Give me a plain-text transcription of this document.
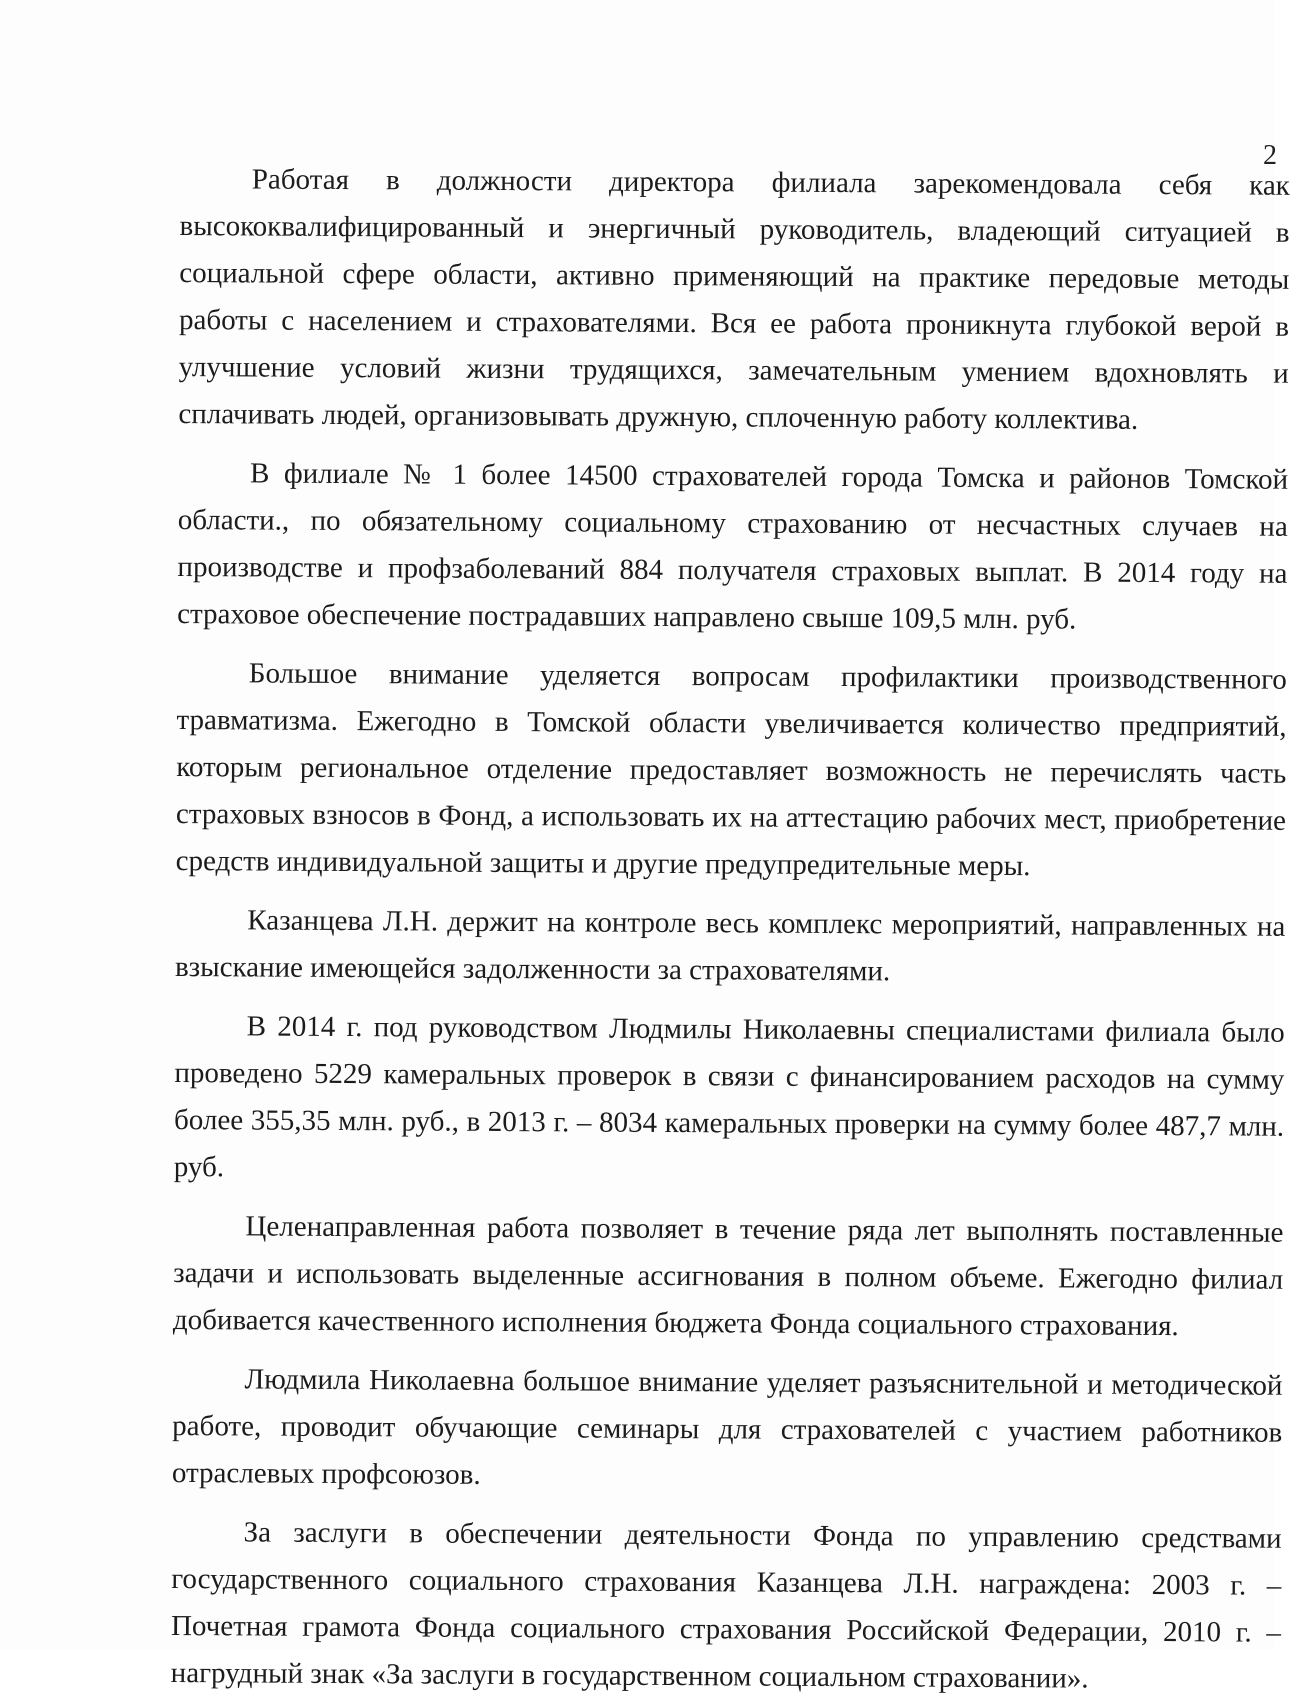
2

Работая в должности директора филиала зарекомендовала себя как высококвалифицированный и энергичный руководитель, владеющий ситуацией в социальной сфере области, активно применяющий на практике передовые методы работы с населением и страхователями. Вся ее работа проникнута глубокой верой в улучшение условий жизни трудящихся, замечательным умением вдохновлять и сплачивать людей, организовывать дружную, сплоченную работу коллектива.

В филиале № 1 более 14500 страхователей города Томска и районов Томской области., по обязательному социальному страхованию от несчастных случаев на производстве и профзаболеваний 884 получателя страховых выплат. В 2014 году на страховое обеспечение пострадавших направлено свыше 109,5 млн. руб.

Большое внимание уделяется вопросам профилактики производственного травматизма. Ежегодно в Томской области увеличивается количество предприятий, которым региональное отделение предоставляет возможность не перечислять часть страховых взносов в Фонд, а использовать их на аттестацию рабочих мест, приобретение средств индивидуальной защиты и другие предупредительные меры.

Казанцева Л.Н. держит на контроле весь комплекс мероприятий, направленных на взыскание имеющейся задолженности за страхователями.

В 2014 г. под руководством Людмилы Николаевны специалистами филиала было проведено 5229 камеральных проверок в связи с финансированием расходов на сумму более 355,35 млн. руб., в 2013 г. – 8034 камеральных проверки на сумму более 487,7 млн. руб.

Целенаправленная работа позволяет в течение ряда лет выполнять поставленные задачи и использовать выделенные ассигнования в полном объеме. Ежегодно филиал добивается качественного исполнения бюджета Фонда социального страхования.

Людмила Николаевна большое внимание уделяет разъяснительной и методической работе, проводит обучающие семинары для страхователей с участием работников отраслевых профсоюзов.

За заслуги в обеспечении деятельности Фонда по управлению средствами государственного социального страхования Казанцева Л.Н. награждена: 2003 г. – Почетная грамота Фонда социального страхования Российской Федерации, 2010 г. – нагрудный знак «За заслуги в государственном социальном страховании».
